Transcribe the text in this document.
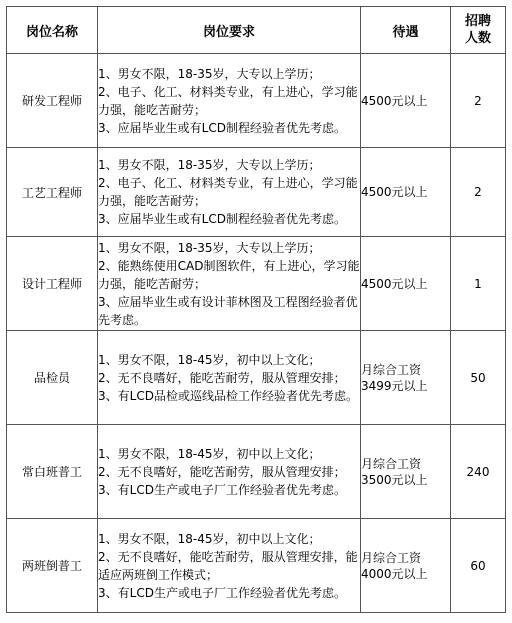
岗位名称	岗位要求	待遇	招聘
人数

研发工程师	1、男女不限，18-35岁，大专以上学历；
2、电子、化工、材料类专业，有上进心，学习能力强，能吃苦耐劳；
3、应届毕业生或有LCD制程经验者优先考虑。	4500元以上	2
工艺工程师	1、男女不限，18-35岁，大专以上学历；
2、电子、化工、材料类专业，有上进心，学习能力强，能吃苦耐劳；
3、应届毕业生或有LCD制程经验者优先考虑。	4500元以上	2
设计工程师	1、男女不限，18-35岁，大专以上学历；
2、能熟练使用CAD制图软件，有上进心，学习能力强，能吃苦耐劳；
3、应届毕业生或有设计菲林图及工程图经验者优先考虑。	4500元以上	1
品检员	1、男女不限，18-45岁，初中以上文化；
2、无不良嗜好，能吃苦耐劳，服从管理安排；
3、有LCD品检或巡线品检工作经验者优先考虑。	月综合工资
3499元以上	50
常白班普工	1、男女不限，18-45岁，初中以上文化；
2、无不良嗜好，能吃苦耐劳，服从管理安排；
3、有LCD生产或电子厂工作经验者优先考虑。	月综合工资
3500元以上	240
两班倒普工	1、男女不限，18-45岁，初中以上文化；
2、无不良嗜好，能吃苦耐劳，服从管理安排，能适应两班倒工作模式；
3、有LCD生产或电子厂工作经验者优先考虑。	月综合工资
4000元以上	60
